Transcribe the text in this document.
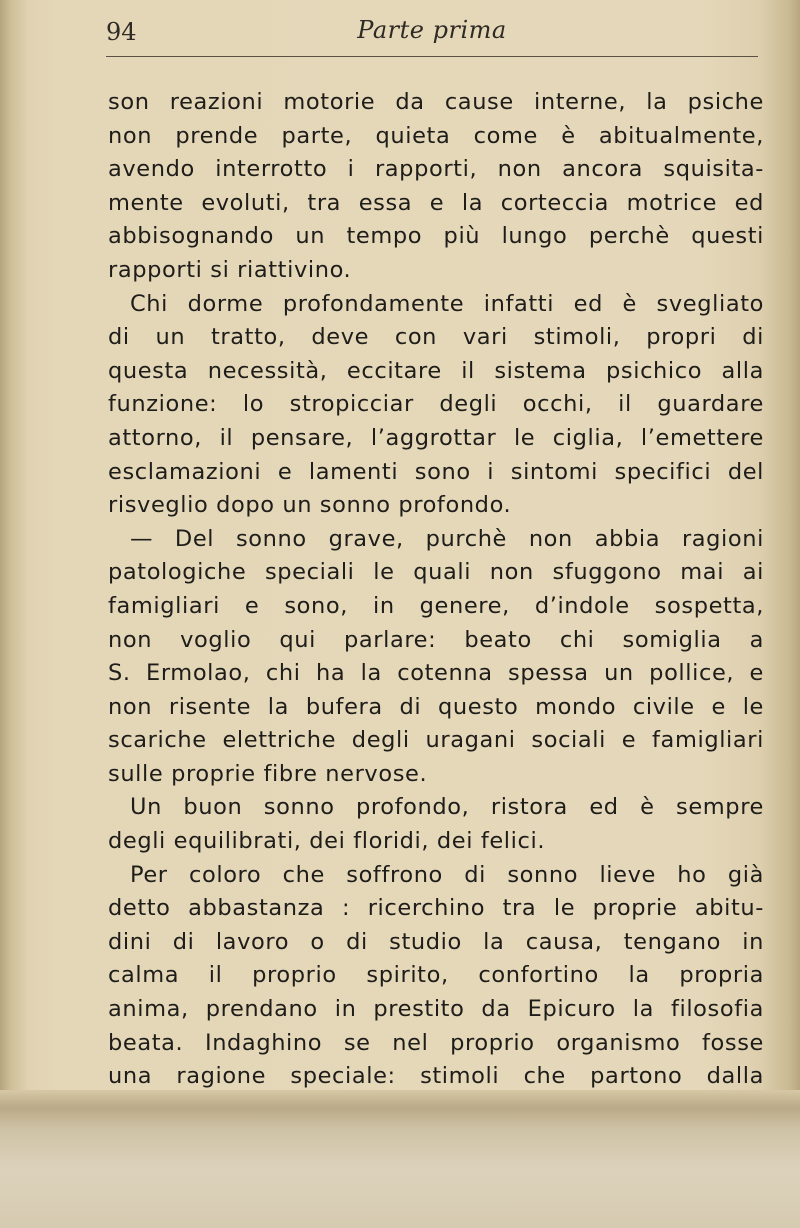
94	Parte prima
son reazioni motorie da cause interne, la psiche
non prende parte, quieta come è abitualmente,
avendo interrotto i rapporti, non ancora squisita-
mente evoluti, tra essa e la corteccia motrice ed
abbisognando un tempo più lungo perchè questi
rapporti si riattivino.
Chi dorme profondamente infatti ed è svegliato
di un tratto, deve con vari stimoli, propri di
questa necessità, eccitare il sistema psichico alla
funzione: lo stropicciar degli occhi, il guardare
attorno, il pensare, l’aggrottar le ciglia, l’emettere
esclamazioni e lamenti sono i sintomi specifici del
risveglio dopo un sonno profondo.
— Del sonno grave, purchè non abbia ragioni
patologiche speciali le quali non sfuggono mai ai
famigliari e sono, in genere, d’indole sospetta,
non voglio qui parlare: beato chi somiglia a
S. Ermolao, chi ha la cotenna spessa un pollice, e
non risente la bufera di questo mondo civile e le
scariche elettriche degli uragani sociali e famigliari
sulle proprie fibre nervose.
Un buon sonno profondo, ristora ed è sempre
degli equilibrati, dei floridi, dei felici.
Per coloro che soffrono di sonno lieve ho già
detto abbastanza : ricerchino tra le proprie abitu-
dini di lavoro o di studio la causa, tengano in
calma il proprio spirito, confortino la propria
anima, prendano in prestito da Epicuro la filosofia
beata. Indaghino se nel proprio organismo fosse
una ragione speciale: stimoli che partono dalla
